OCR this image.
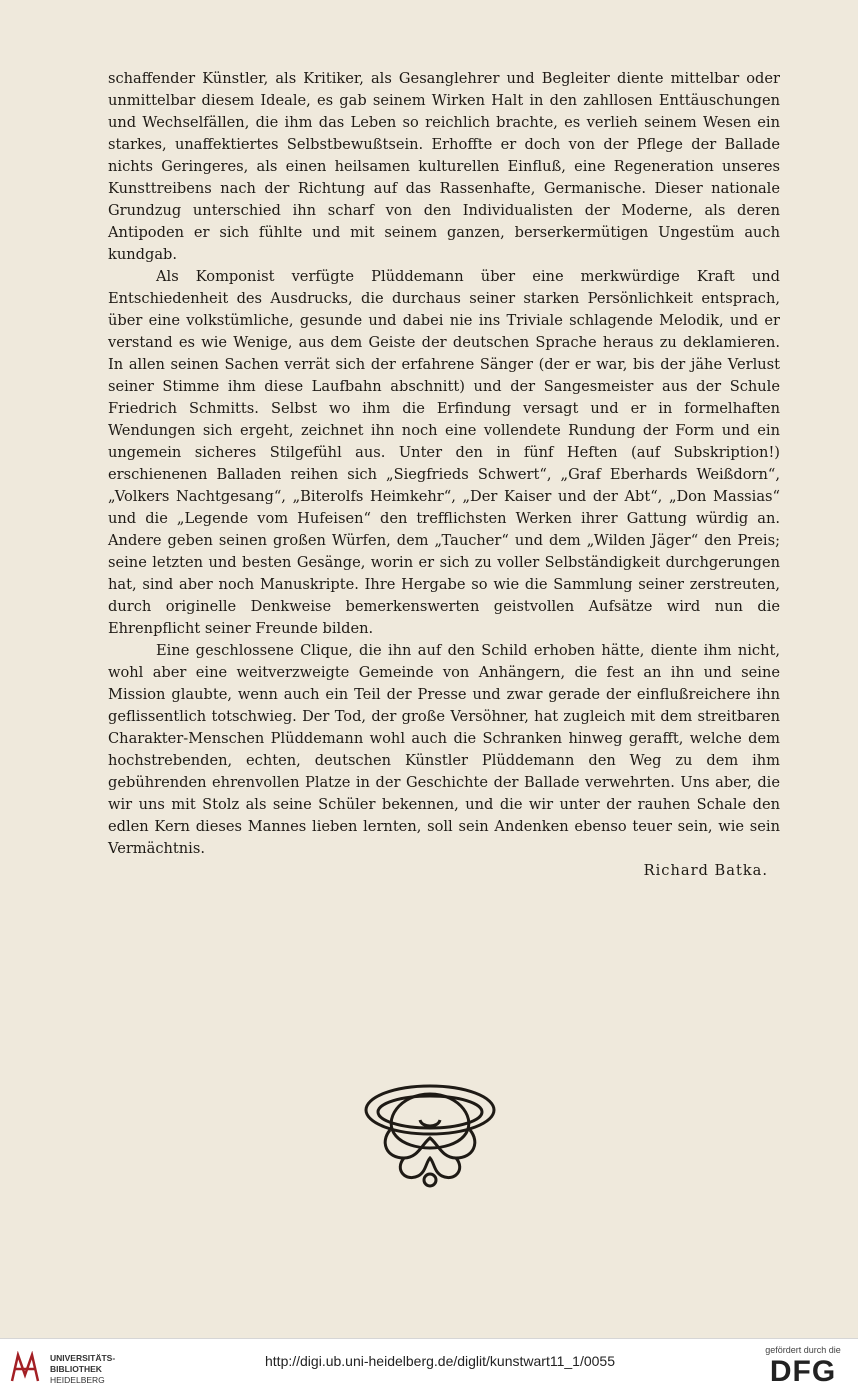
schaffender Künstler, als Kritiker, als Gesanglehrer und Begleiter diente mittelbar oder unmittelbar diesem Ideale, es gab seinem Wirken Halt in den zahllosen Enttäuschungen und Wechselfällen, die ihm das Leben so reichlich brachte, es verlieh seinem Wesen ein starkes, unaffektiertes Selbstbewußtsein. Erhoffte er doch von der Pflege der Ballade nichts Geringeres, als einen heilsamen kulturellen Einfluß, eine Regeneration unseres Kunsttreibens nach der Richtung auf das Rassenhafte, Germanische. Dieser nationale Grundzug unterschied ihn scharf von den Individualisten der Moderne, als deren Antipoden er sich fühlte und mit seinem ganzen, berserkermütigen Ungestüm auch kundgab.

Als Komponist verfügte Plüddemann über eine merkwürdige Kraft und Entschiedenheit des Ausdrucks, die durchaus seiner starken Persönlichkeit entsprach, über eine volkstümliche, gesunde und dabei nie ins Triviale schlagende Melodik, und er verstand es wie Wenige, aus dem Geiste der deutschen Sprache heraus zu deklamieren. In allen seinen Sachen verrät sich der erfahrene Sänger (der er war, bis der jähe Verlust seiner Stimme ihm diese Laufbahn abschnitt) und der Sangesmeister aus der Schule Friedrich Schmitts. Selbst wo ihm die Erfindung versagt und er in formelhaften Wendungen sich ergeht, zeichnet ihn noch eine vollendete Rundung der Form und ein ungemein sicheres Stilgefühl aus. Unter den in fünf Heften (auf Subskription!) erschienenen Balladen reihen sich „Siegfrieds Schwert“, „Graf Eberhards Weißdorn“, „Volkers Nachtgesang“, „Biterolfs Heimkehr“, „Der Kaiser und der Abt“, „Don Massias“ und die „Legende vom Hufeisen“ den trefflichsten Werken ihrer Gattung würdig an. Andere geben seinen großen Würfen, dem „Taucher“ und dem „Wilden Jäger“ den Preis; seine letzten und besten Gesänge, worin er sich zu voller Selbständigkeit durchgerungen hat, sind aber noch Manuskripte. Ihre Hergabe so wie die Sammlung seiner zerstreuten, durch originelle Denkweise bemerkenswerten geistvollen Aufsätze wird nun die Ehrenpflicht seiner Freunde bilden.

Eine geschlossene Clique, die ihn auf den Schild erhoben hätte, diente ihm nicht, wohl aber eine weitverzweigte Gemeinde von Anhängern, die fest an ihn und seine Mission glaubte, wenn auch ein Teil der Presse und zwar gerade der einflußreichere ihn geflissentlich totschwieg. Der Tod, der große Versöhner, hat zugleich mit dem streitbaren Charakter-Menschen Plüddemann wohl auch die Schranken hinweg gerafft, welche dem hochstrebenden, echten, deutschen Künstler Plüddemann den Weg zu dem ihm gebührenden ehrenvollen Platze in der Geschichte der Ballade verwehrten. Uns aber, die wir uns mit Stolz als seine Schüler bekennen, und die wir unter der rauhen Schale den edlen Kern dieses Mannes lieben lernten, soll sein Andenken ebenso teuer sein, wie sein Vermächtnis.

Richard Batka.

UNIVERSITÄTS-
BIBLIOTHEK
HEIDELBERG
http://digi.ub.uni-heidelberg.de/diglit/kunstwart11_1/0055
gefördert durch die
DFG
